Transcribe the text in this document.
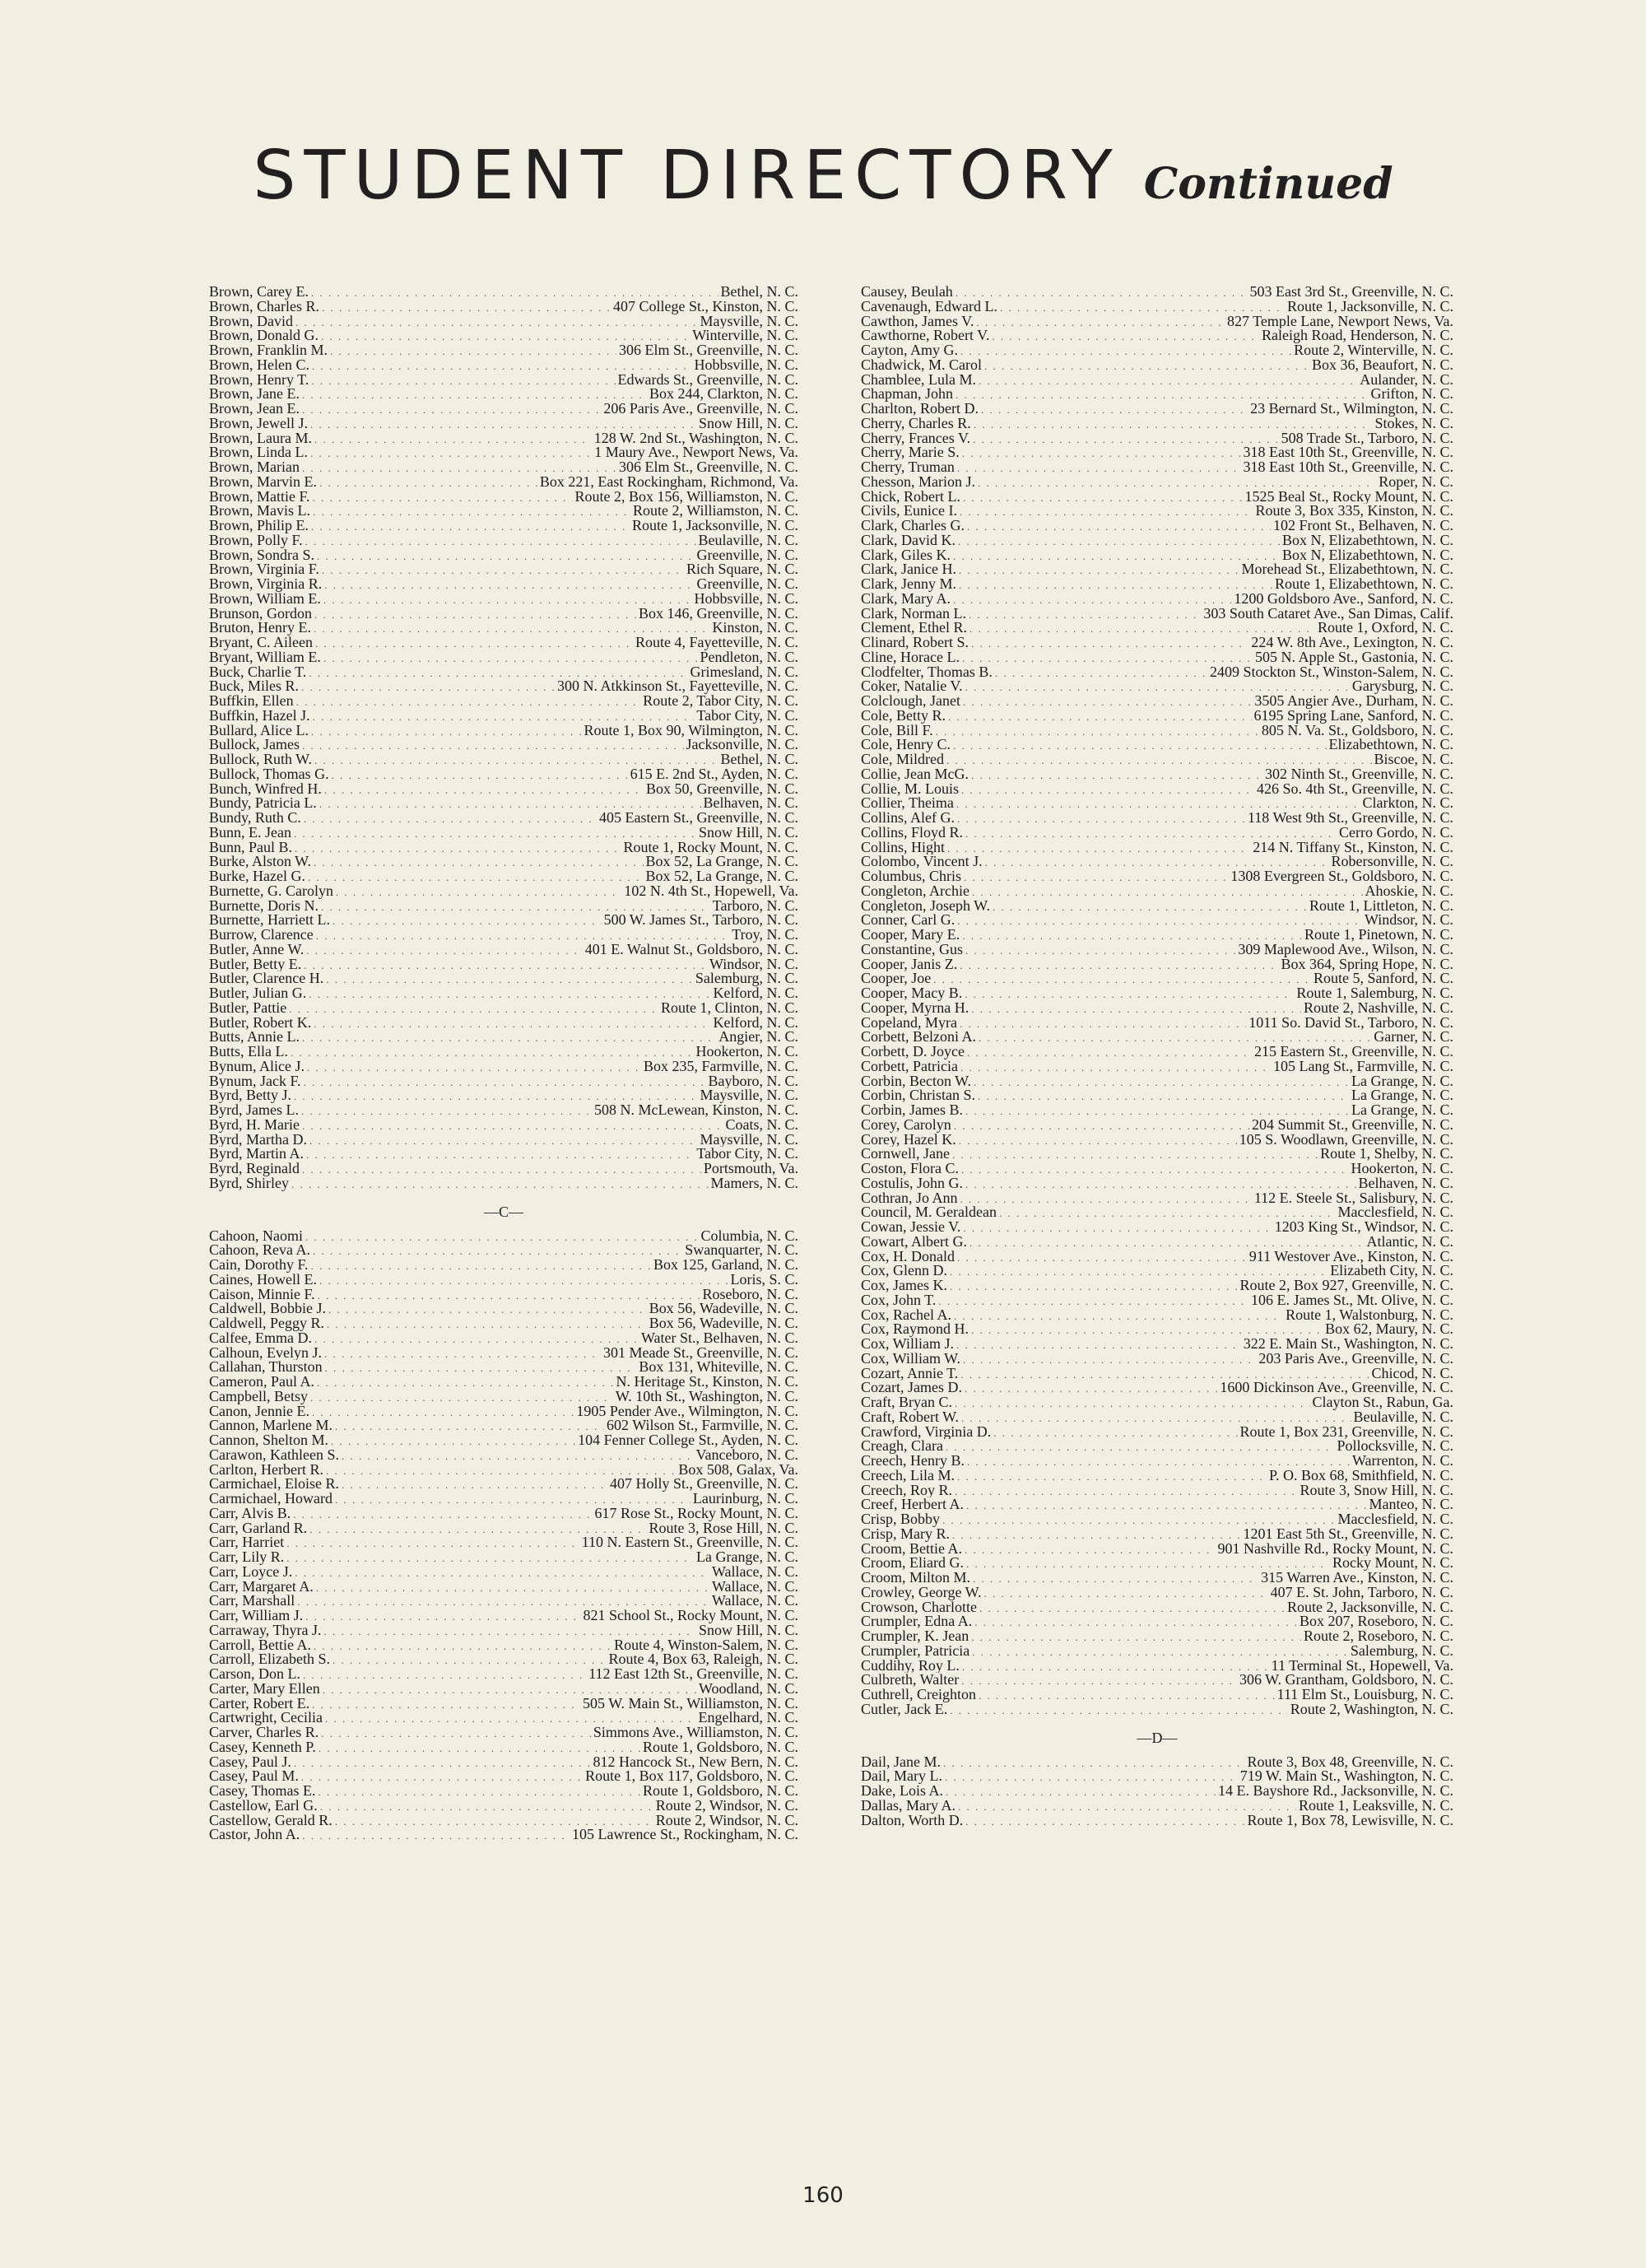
STUDENT DIRECTORY Continued
Brown, Carey E. . . .	Bethel, N. C.
Brown, Charles R. . . .	407 College St., Kinston, N. C.
Brown, David . . .	Maysville, N. C.
Brown, Donald G. . . .	Winterville, N. C.
Brown, Franklin M. . . .	306 Elm St., Greenville, N. C.
Brown, Helen C. . . .	Hobbsville, N. C.
Brown, Henry T. . . .	Edwards St., Greenville, N. C.
Brown, Jane E. . . .	Box 244, Clarkton, N. C.
Brown, Jean E. . . .	206 Paris Ave., Greenville, N. C.
Brown, Jewell J. . . .	Snow Hill, N. C.
Brown, Laura M. . . .	128 W. 2nd St., Washington, N. C.
Brown, Linda L. . . .	1 Maury Ave., Newport News, Va.
Brown, Marian . . .	306 Elm St., Greenville, N. C.
Brown, Marvin E. . . .	Box 221, East Rockingham, Richmond, Va.
Brown, Mattie F. . . .	Route 2, Box 156, Williamston, N. C.
Brown, Mavis L. . . .	Route 2, Williamston, N. C.
Brown, Philip E. . . .	Route 1, Jacksonville, N. C.
Brown, Polly F. . . .	Beulaville, N. C.
Brown, Sondra S. . . .	Greenville, N. C.
Brown, Virginia F. . . .	Rich Square, N. C.
Brown, Virginia R. . . .	Greenville, N. C.
Brown, William E. . . .	Hobbsville, N. C.
Brunson, Gordon . . .	Box 146, Greenville, N. C.
Bruton, Henry E. . . .	Kinston, N. C.
Bryant, C. Aileen . . .	Route 4, Fayetteville, N. C.
Bryant, William E. . . .	Pendleton, N. C.
Buck, Charlie T. . . .	Grimesland, N. C.
Buck, Miles R. . . .	300 N. Atkkinson St., Fayetteville, N. C.
Buffkin, Ellen . . .	Route 2, Tabor City, N. C.
Buffkin, Hazel J. . . .	Tabor City, N. C.
Bullard, Alice L. . . .	Route 1, Box 90, Wilmington, N. C.
Bullock, James . . .	Jacksonville, N. C.
Bullock, Ruth W. . . .	Bethel, N. C.
Bullock, Thomas G. . . .	615 E. 2nd St., Ayden, N. C.
Bunch, Winfred H. . . .	Box 50, Greenville, N. C.
Bundy, Patricia L. . . .	Belhaven, N. C.
Bundy, Ruth C. . . .	405 Eastern St., Greenville, N. C.
Bunn, E. Jean . . .	Snow Hill, N. C.
Bunn, Paul B. . . .	Route 1, Rocky Mount, N. C.
Burke, Alston W. . . .	Box 52, La Grange, N. C.
Burke, Hazel G. . . .	Box 52, La Grange, N. C.
Burnette, G. Carolyn . . .	102 N. 4th St., Hopewell, Va.
Burnette, Doris N. . . .	Tarboro, N. C.
Burnette, Harriett L. . . .	500 W. James St., Tarboro, N. C.
Burrow, Clarence . . .	Troy, N. C.
Butler, Anne W. . . .	401 E. Walnut St., Goldsboro, N. C.
Butler, Betty E. . . .	Windsor, N. C.
Butler, Clarence H. . . .	Salemburg, N. C.
Butler, Julian G. . . .	Kelford, N. C.
Butler, Pattie . . .	Route 1, Clinton, N. C.
Butler, Robert K. . . .	Kelford, N. C.
Butts, Annie L. . . .	Angier, N. C.
Butts, Ella L. . . .	Hookerton, N. C.
Bynum, Alice J. . . .	Box 235, Farmville, N. C.
Bynum, Jack F. . . .	Bayboro, N. C.
Byrd, Betty J. . . .	Maysville, N. C.
Byrd, James L. . . .	508 N. McLewean, Kinston, N. C.
Byrd, H. Marie . . .	Coats, N. C.
Byrd, Martha D. . . .	Maysville, N. C.
Byrd, Martin A. . . .	Tabor City, N. C.
Byrd, Reginald . . .	Portsmouth, Va.
Byrd, Shirley . . .	Mamers, N. C.
—C—
Cahoon, Naomi . . .	Columbia, N. C.
Cahoon, Reva A. . . .	Swanquarter, N. C.
Cain, Dorothy F. . . .	Box 125, Garland, N. C.
Caines, Howell E. . . .	Loris, S. C.
Caison, Minnie F. . . .	Roseboro, N. C.
Caldwell, Bobbie J. . . .	Box 56, Wadeville, N. C.
Caldwell, Peggy R. . . .	Box 56, Wadeville, N. C.
Calfee, Emma D. . . .	Water St., Belhaven, N. C.
Calhoun, Evelyn J. . . .	301 Meade St., Greenville, N. C.
Callahan, Thurston . . .	Box 131, Whiteville, N. C.
Cameron, Paul A. . . .	N. Heritage St., Kinston, N. C.
Campbell, Betsy . . .	W. 10th St., Washington, N. C.
Canon, Jennie E. . . .	1905 Pender Ave., Wilmington, N. C.
Cannon, Marlene M. . . .	602 Wilson St., Farmville, N. C.
Cannon, Shelton M. . . .	104 Fenner College St., Ayden, N. C.
Carawon, Kathleen S. . . .	Vanceboro, N. C.
Carlton, Herbert R. . . .	Box 508, Galax, Va.
Carmichael, Eloise R. . . .	407 Holly St., Greenville, N. C.
Carmichael, Howard . . .	Laurinburg, N. C.
Carr, Alvis B. . . .	617 Rose St., Rocky Mount, N. C.
Carr, Garland R. . . .	Route 3, Rose Hill, N. C.
Carr, Harriet . . .	110 N. Eastern St., Greenville, N. C.
Carr, Lily R. . . .	La Grange, N. C.
Carr, Loyce J. . . .	Wallace, N. C.
Carr, Margaret A. . . .	Wallace, N. C.
Carr, Marshall . . .	Wallace, N. C.
Carr, William J. . . .	821 School St., Rocky Mount, N. C.
Carraway, Thyra J. . . .	Snow Hill, N. C.
Carroll, Bettie A. . . .	Route 4, Winston-Salem, N. C.
Carroll, Elizabeth S. . . .	Route 4, Box 63, Raleigh, N. C.
Carson, Don L. . . .	112 East 12th St., Greenville, N. C.
Carter, Mary Ellen . . .	Woodland, N. C.
Carter, Robert E. . . .	505 W. Main St., Williamston, N. C.
Cartwright, Cecilia . . .	Engelhard, N. C.
Carver, Charles R. . . .	Simmons Ave., Williamston, N. C.
Casey, Kenneth P. . . .	Route 1, Goldsboro, N. C.
Casey, Paul J. . . .	812 Hancock St., New Bern, N. C.
Casey, Paul M. . . .	Route 1, Box 117, Goldsboro, N. C.
Casey, Thomas E. . . .	Route 1, Goldsboro, N. C.
Castellow, Earl G. . . .	Route 2, Windsor, N. C.
Castellow, Gerald R. . . .	Route 2, Windsor, N. C.
Castor, John A. . . .	105 Lawrence St., Rockingham, N. C.
Causey, Beulah . . .	503 East 3rd St., Greenville, N. C.
Cavenaugh, Edward L. . . .	Route 1, Jacksonville, N. C.
Cawthon, James V. . . .	827 Temple Lane, Newport News, Va.
Cawthorne, Robert V. . . .	Raleigh Road, Henderson, N. C.
Cayton, Amy G. . . .	Route 2, Winterville, N. C.
Chadwick, M. Carol . . .	Box 36, Beaufort, N. C.
Chamblee, Lula M. . . .	Aulander, N. C.
Chapman, John . . .	Grifton, N. C.
Charlton, Robert D. . . .	23 Bernard St., Wilmington, N. C.
Cherry, Charles R. . . .	Stokes, N. C.
Cherry, Frances V. . . .	508 Trade St., Tarboro, N. C.
Cherry, Marie S. . . .	318 East 10th St., Greenville, N. C.
Cherry, Truman . . .	318 East 10th St., Greenville, N. C.
Chesson, Marion J. . . .	Roper, N. C.
Chick, Robert L. . . .	1525 Beal St., Rocky Mount, N. C.
Civils, Eunice I. . . .	Route 3, Box 335, Kinston, N. C.
Clark, Charles G. . . .	102 Front St., Belhaven, N. C.
Clark, David K. . . .	Box N, Elizabethtown, N. C.
Clark, Giles K. . . .	Box N, Elizabethtown, N. C.
Clark, Janice H. . . .	Morehead St., Elizabethtown, N. C.
Clark, Jenny M. . . .	Route 1, Elizabethtown, N. C.
Clark, Mary A. . . .	1200 Goldsboro Ave., Sanford, N. C.
Clark, Norman L. . . .	303 South Cataret Ave., San Dimas, Calif.
Clement, Ethel R. . . .	Route 1, Oxford, N. C.
Clinard, Robert S. . . .	224 W. 8th Ave., Lexington, N. C.
Cline, Horace L. . . .	505 N. Apple St., Gastonia, N. C.
Clodfelter, Thomas B. . . .	2409 Stockton St., Winston-Salem, N. C.
Coker, Natalie V. . . .	Garysburg, N. C.
Colclough, Janet . . .	3505 Angier Ave., Durham, N. C.
Cole, Betty R. . . .	6195 Spring Lane, Sanford, N. C.
Cole, Bill F. . . .	805 N. Va. St., Goldsboro, N. C.
Cole, Henry C. . . .	Elizabethtown, N. C.
Cole, Mildred . . .	Biscoe, N. C.
Collie, Jean McG. . . .	302 Ninth St., Greenville, N. C.
Collie, M. Louis . . .	426 So. 4th St., Greenville, N. C.
Collier, Theima . . .	Clarkton, N. C.
Collins, Alef G. . . .	118 West 9th St., Greenville, N. C.
Collins, Floyd R. . . .	Cerro Gordo, N. C.
Collins, Hight . . .	214 N. Tiffany St., Kinston, N. C.
Colombo, Vincent J. . . .	Robersonville, N. C.
Columbus, Chris . . .	1308 Evergreen St., Goldsboro, N. C.
Congleton, Archie . . .	Ahoskie, N. C.
Congleton, Joseph W. . . .	Route 1, Littleton, N. C.
Conner, Carl G. . . .	Windsor, N. C.
Cooper, Mary E. . . .	Route 1, Pinetown, N. C.
Constantine, Gus . . .	309 Maplewood Ave., Wilson, N. C.
Cooper, Janis Z. . . .	Box 364, Spring Hope, N. C.
Cooper, Joe . . .	Route 5, Sanford, N. C.
Cooper, Macy B. . . .	Route 1, Salemburg, N. C.
Cooper, Myrna H. . . .	Route 2, Nashville, N. C.
Copeland, Myra . . .	1011 So. David St., Tarboro, N. C.
Corbett, Belzoni A. . . .	Garner, N. C.
Corbett, D. Joyce . . .	215 Eastern St., Greenville, N. C.
Corbett, Patricia . . .	105 Lang St., Farmville, N. C.
Corbin, Becton W. . . .	La Grange, N. C.
Corbin, Christan S. . . .	La Grange, N. C.
Corbin, James B. . . .	La Grange, N. C.
Corey, Carolyn . . .	204 Summit St., Greenville, N. C.
Corey, Hazel K. . . .	105 S. Woodlawn, Greenville, N. C.
Cornwell, Jane . . .	Route 1, Shelby, N. C.
Coston, Flora C. . . .	Hookerton, N. C.
Costulis, John G. . . .	Belhaven, N. C.
Cothran, Jo Ann . . .	112 E. Steele St., Salisbury, N. C.
Council, M. Geraldean . . .	Macclesfield, N. C.
Cowan, Jessie V. . . .	1203 King St., Windsor, N. C.
Cowart, Albert G. . . .	Atlantic, N. C.
Cox, H. Donald . . .	911 Westover Ave., Kinston, N. C.
Cox, Glenn D. . . .	Elizabeth City, N. C.
Cox, James K. . . .	Route 2, Box 927, Greenville, N. C.
Cox, John T. . . .	106 E. James St., Mt. Olive, N. C.
Cox, Rachel A. . . .	Route 1, Walstonburg, N. C.
Cox, Raymond H. . . .	Box 62, Maury, N. C.
Cox, William J. . . .	322 E. Main St., Washington, N. C.
Cox, William W. . . .	203 Paris Ave., Greenville, N. C.
Cozart, Annie T. . . .	Chicod, N. C.
Cozart, James D. . . .	1600 Dickinson Ave., Greenville, N. C.
Craft, Bryan C. . . .	Clayton St., Rabun, Ga.
Craft, Robert W. . . .	Beulaville, N. C.
Crawford, Virginia D. . . .	Route 1, Box 231, Greenville, N. C.
Creagh, Clara . . .	Pollocksville, N. C.
Creech, Henry B. . . .	Warrenton, N. C.
Creech, Lila M. . . .	P. O. Box 68, Smithfield, N. C.
Creech, Roy R. . . .	Route 3, Snow Hill, N. C.
Creef, Herbert A. . . .	Manteo, N. C.
Crisp, Bobby . . .	Macclesfield, N. C.
Crisp, Mary R. . . .	1201 East 5th St., Greenville, N. C.
Croom, Bettie A. . . .	901 Nashville Rd., Rocky Mount, N. C.
Croom, Eliard G. . . .	Rocky Mount, N. C.
Croom, Milton M. . . .	315 Warren Ave., Kinston, N. C.
Crowley, George W. . . .	407 E. St. John, Tarboro, N. C.
Crowson, Charlotte . . .	Route 2, Jacksonville, N. C.
Crumpler, Edna A. . . .	Box 207, Roseboro, N. C.
Crumpler, K. Jean . . .	Route 2, Roseboro, N. C.
Crumpler, Patricia . . .	Salemburg, N. C.
Cuddihy, Roy L. . . .	11 Terminal St., Hopewell, Va.
Culbreth, Walter . . .	306 W. Grantham, Goldsboro, N. C.
Cuthrell, Creighton . . .	111 Elm St., Louisburg, N. C.
Cutler, Jack E. . . .	Route 2, Washington, N. C.
—D—
Dail, Jane M. . . .	Route 3, Box 48, Greenville, N. C.
Dail, Mary L. . . .	719 W. Main St., Washington, N. C.
Dake, Lois A. . . .	14 E. Bayshore Rd., Jacksonville, N. C.
Dallas, Mary A. . . .	Route 1, Leaksville, N. C.
Dalton, Worth D. . . .	Route 1, Box 78, Lewisville, N. C.
160
